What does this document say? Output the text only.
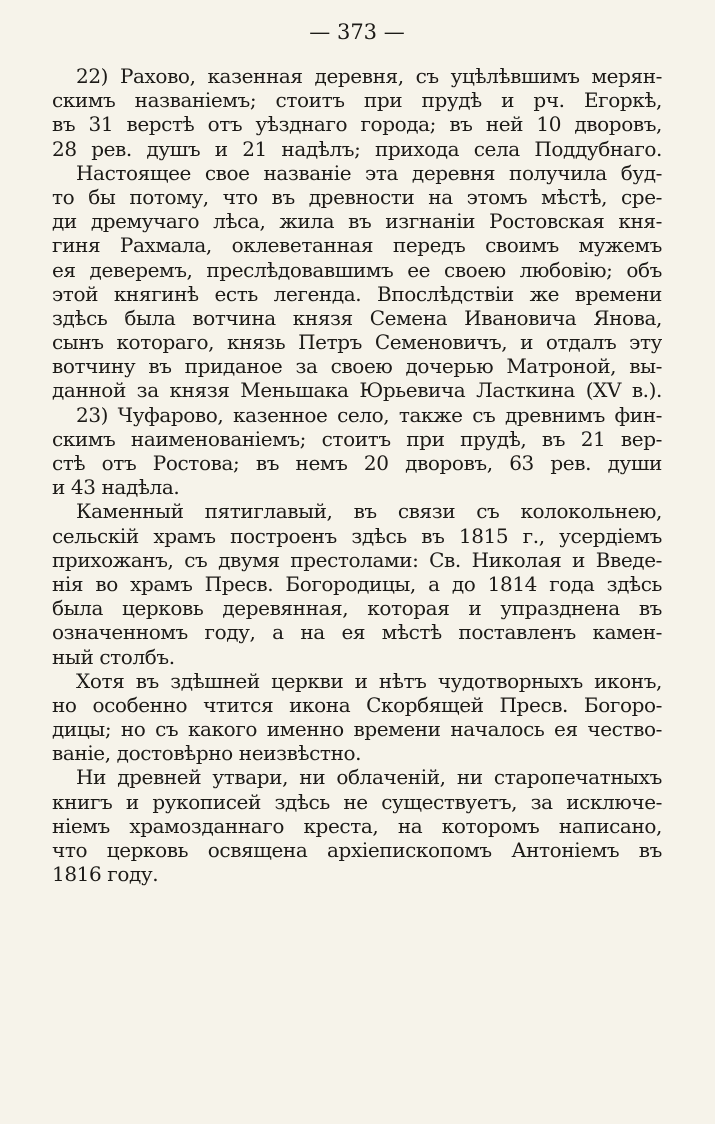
— 373 —
22) Рахово, казенная деревня, съ уцѣлѣвшимъ мерян-
скимъ названіемъ; стоитъ при прудѣ и рч. Егоркѣ,
въ 31 верстѣ отъ уѣзднаго города; въ ней 10 дворовъ,
28 рев. душъ и 21 надѣлъ; прихода села Поддубнаго.
Настоящее свое названіе эта деревня получила буд-
то бы потому, что въ древности на этомъ мѣстѣ, сре-
ди дремучаго лѣса, жила въ изгнаніи Ростовская кня-
гиня Рахмала, оклеветанная передъ своимъ мужемъ
ея деверемъ, преслѣдовавшимъ ее своею любовію; объ
этой княгинѣ есть легенда. Впослѣдствіи же времени
здѣсь была вотчина князя Семена Ивановича Янова,
сынъ котораго, князь Петръ Семеновичъ, и отдалъ эту
вотчину въ приданое за своею дочерью Матроной, вы-
данной за князя Меньшака Юрьевича Ласткина (XV в.).
23) Чуфарово, казенное село, также съ древнимъ фин-
скимъ наименованіемъ; стоитъ при прудѣ, въ 21 вер-
стѣ отъ Ростова; въ немъ 20 дворовъ, 63 рев. души
и 43 надѣла.
Каменный пятиглавый, въ связи съ колокольнею,
сельскій храмъ построенъ здѣсь въ 1815 г., усердіемъ
прихожанъ, съ двумя престолами: Св. Николая и Введе-
нія во храмъ Пресв. Богородицы, а до 1814 года здѣсь
была церковь деревянная, которая и упразднена въ
означенномъ году, а на ея мѣстѣ поставленъ камен-
ный столбъ.
Хотя въ здѣшней церкви и нѣтъ чудотворныхъ иконъ,
но особенно чтится икона Скорбящей Пресв. Богоро-
дицы; но съ какого именно времени началось ея чество-
ваніе, достовѣрно неизвѣстно.
Ни древней утвари, ни облаченій, ни старопечатныхъ
книгъ и рукописей здѣсь не существуетъ, за исключе-
ніемъ храмозданнаго креста, на которомъ написано,
что церковь освящена архіепископомъ Антоніемъ въ
1816 году.
